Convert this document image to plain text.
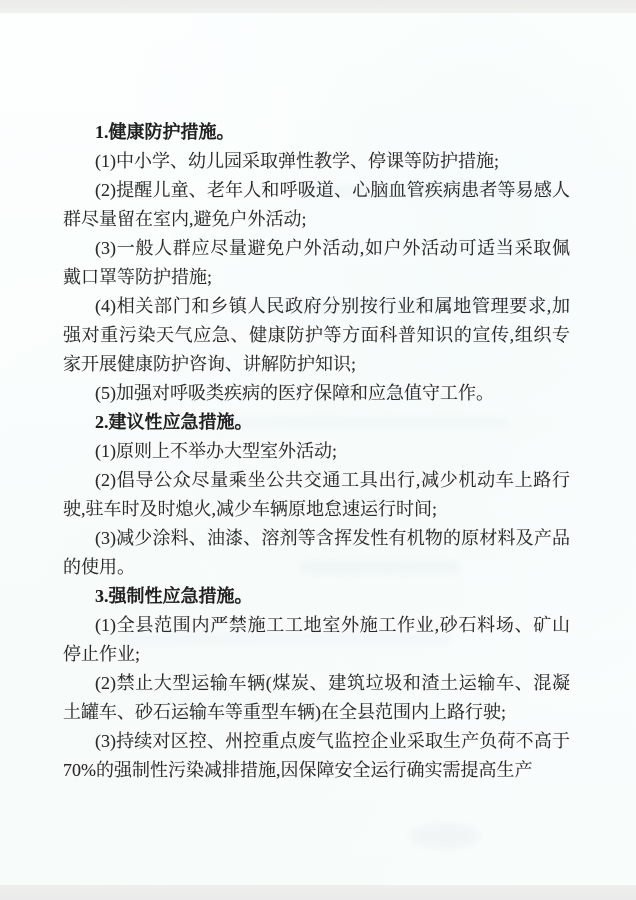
1.健康防护措施。

(1)中小学、幼儿园采取弹性教学、停课等防护措施;

(2)提醒儿童、老年人和呼吸道、心脑血管疾病患者等易感人群尽量留在室内,避免户外活动;

(3)一般人群应尽量避免户外活动,如户外活动可适当采取佩戴口罩等防护措施;

(4)相关部门和乡镇人民政府分别按行业和属地管理要求,加强对重污染天气应急、健康防护等方面科普知识的宣传,组织专家开展健康防护咨询、讲解防护知识;

(5)加强对呼吸类疾病的医疗保障和应急值守工作。

2.建议性应急措施。

(1)原则上不举办大型室外活动;

(2)倡导公众尽量乘坐公共交通工具出行,减少机动车上路行驶,驻车时及时熄火,减少车辆原地怠速运行时间;

(3)减少涂料、油漆、溶剂等含挥发性有机物的原材料及产品的使用。

3.强制性应急措施。

(1)全县范围内严禁施工工地室外施工作业,砂石料场、矿山停止作业;

(2)禁止大型运输车辆(煤炭、建筑垃圾和渣土运输车、混凝土罐车、砂石运输车等重型车辆)在全县范围内上路行驶;

(3)持续对区控、州控重点废气监控企业采取生产负荷不高于70%的强制性污染减排措施,因保障安全运行确实需提高生产
